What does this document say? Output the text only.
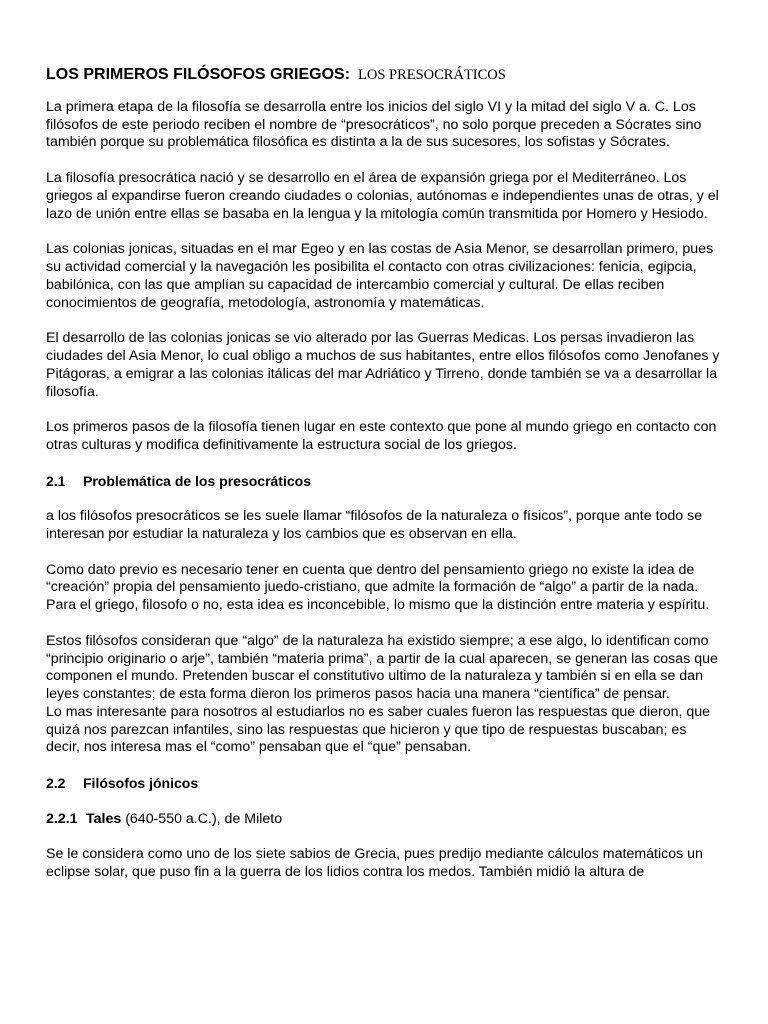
LOS PRIMEROS FILÓSOFOS GRIEGOS: LOS PRESOCRÁTICOS

La primera etapa de la filosofía se desarrolla entre los inicios del siglo VI y la mitad del siglo V a. C. Los filósofos de este periodo reciben el nombre de “presocráticos”, no solo porque preceden a Sócrates sino también porque su problemática filosófica es distinta a la de sus sucesores, los sofistas y Sócrates.

La filosofía presocrática nació y se desarrollo en el área de expansión griega por el Mediterráneo. Los griegos al expandirse fueron creando ciudades o colonias, autónomas e independientes unas de otras, y el lazo de unión entre ellas se basaba en la lengua y la mitología común transmitida por Homero y Hesiodo.

Las colonias jonicas, situadas en el mar Egeo y en las costas de Asia Menor, se desarrollan primero, pues su actividad comercial y la navegación les posibilita el contacto con otras civilizaciones: fenicia, egipcia, babilónica, con las que amplían su capacidad de intercambio comercial y cultural. De ellas reciben conocimientos de geografía, metodología, astronomía y matemáticas.

El desarrollo de las colonias jonicas se vio alterado por las Guerras Medicas. Los persas invadieron las ciudades del Asia Menor, lo cual obligo a muchos de sus habitantes, entre ellos filósofos como Jenofanes y Pitágoras, a emigrar a las colonias itálicas del mar Adriático y Tirreno, donde también se va a desarrollar la filosofía.

Los primeros pasos de la filosofía tienen lugar en este contexto que pone al mundo griego en contacto con otras culturas y modifica definitivamente la estructura social de los griegos.

2.1 Problemática de los presocráticos

a los filósofos presocráticos se les suele llamar “filósofos de la naturaleza o físicos”, porque ante todo se interesan por estudiar la naturaleza y los cambios que es observan en ella.

Como dato previo es necesario tener en cuenta que dentro del pensamiento griego no existe la idea de “creación” propia del pensamiento juedo-cristiano, que admite la formación de “algo” a partir de la nada. Para el griego, filosofo o no, esta idea es inconcebible, lo mismo que la distinción entre materia y espíritu.

Estos filósofos consideran que “algo” de la naturaleza ha existido siempre; a ese algo, lo identifican como “principio originario o arje”, también “materia prima”, a partir de la cual aparecen, se generan las cosas que componen el mundo. Pretenden buscar el constitutivo ultimo de la naturaleza y también si en ella se dan leyes constantes; de esta forma dieron los primeros pasos hacia una manera “científica” de pensar.

Lo mas interesante para nosotros al estudiarlos no es saber cuales fueron las respuestas que dieron, que quizá nos parezcan infantiles, sino las respuestas que hicieron y que tipo de respuestas buscaban; es decir, nos interesa mas el “como” pensaban que el “que” pensaban.

2.2 Filósofos jónicos
2.2.1 Tales (640-550 a.C.), de Mileto

Se le considera como uno de los siete sabios de Grecia, pues predijo mediante cálculos matemáticos un eclipse solar, que puso fin a la guerra de los lidios contra los medos. También midió la altura de
